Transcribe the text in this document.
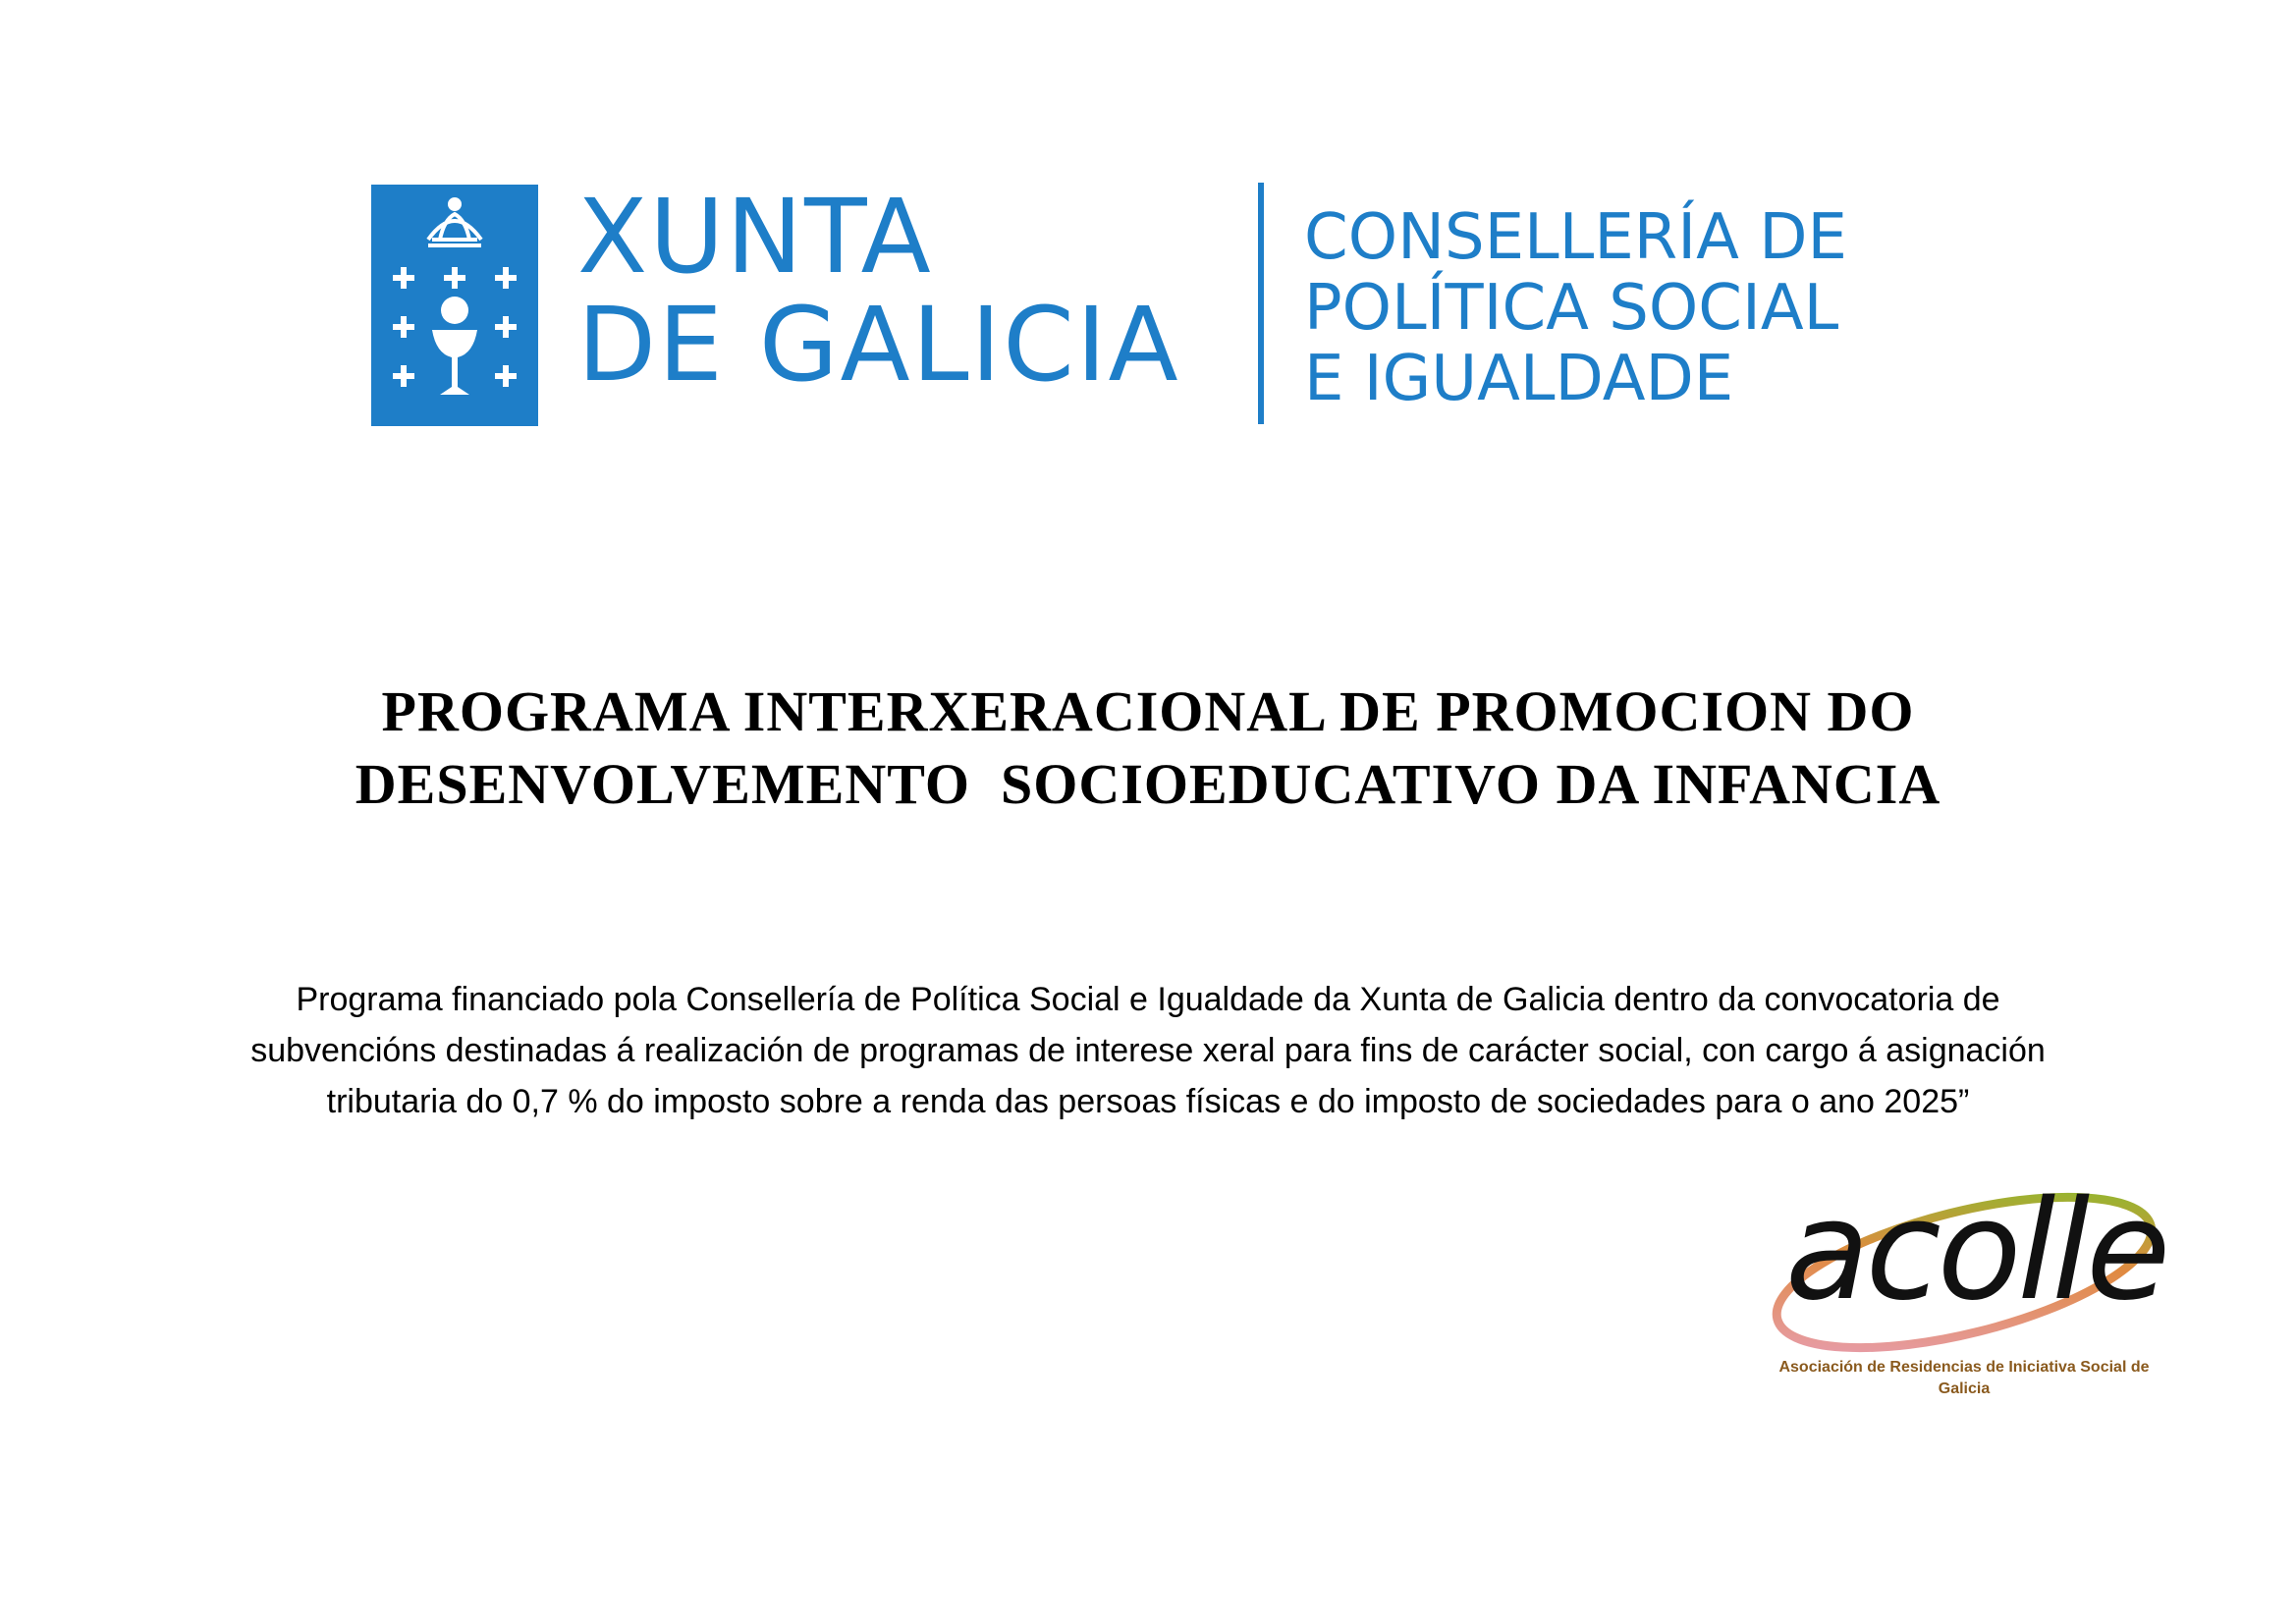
XUNTA
DE GALICIA
CONSELLERÍA DE
POLÍTICA SOCIAL
E IGUALDADE
PROGRAMA INTERXERACIONAL DE PROMOCION DO
DESENVOLVEMENTO  SOCIOEDUCATIVO DA INFANCIA
Programa financiado pola Consellería de Política Social e Igualdade da Xunta de Galicia dentro da convocatoria de
subvencións destinadas á realización de programas de interese xeral para fins de carácter social, con cargo á asignación
tributaria do 0,7 % do imposto sobre a renda das persoas físicas e do imposto de sociedades para o ano 2025”
acolle
Asociación de Residencias de Iniciativa Social de
Galicia
